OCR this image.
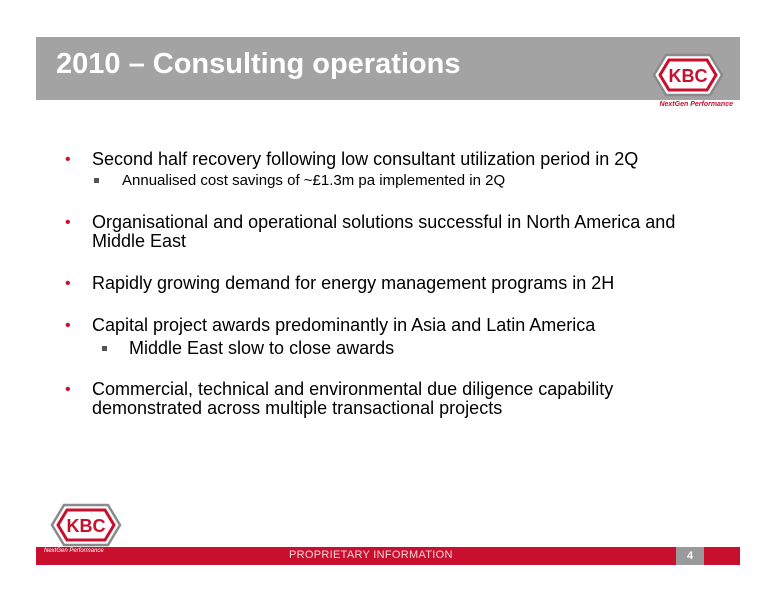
2010 – Consulting operations	KBC
NextGen Performance
• Second half recovery following low consultant utilization period in 2Q
Annualised cost savings of ~£1.3m pa implemented in 2Q
• Organisational and operational solutions successful in North America and Middle East
• Rapidly growing demand for energy management programs in 2H
• Capital project awards predominantly in Asia and Latin America
Middle East slow to close awards
• Commercial, technical and environmental due diligence capability demonstrated across multiple transactional projects
KBC
PROPRIETARY INFORMATION	4
NextGen Performance
